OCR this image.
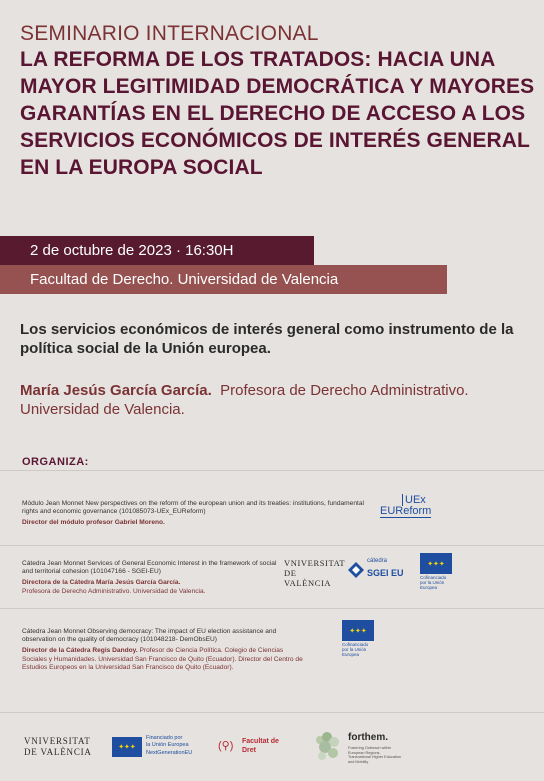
SEMINARIO INTERNACIONAL
LA REFORMA DE LOS TRATADOS: HACIA UNA MAYOR LEGITIMIDAD DEMOCRÁTICA Y MAYORES GARANTÍAS EN EL DERECHO DE ACCESO A LOS SERVICIOS ECONÓMICOS DE INTERÉS GENERAL EN LA EUROPA SOCIAL
2 de octubre de 2023 · 16:30H
Facultad de Derecho. Universidad de Valencia
Los servicios económicos de interés general como instrumento de la política social de la Unión europea.
María Jesús García García. Profesora de Derecho Administrativo. Universidad de Valencia.
ORGANIZA:
Módulo Jean Monnet New perspectives on the reform of the european union and its treaties: institutions, fundamental rights and economic governance (101085073-UEx_EUReform)
Director del módulo profesor Gabriel Moreno.
UEx
EUReform
Cátedra Jean Monnet Services of General Economic Interest in the framework of social and territorial cohesion (101047166 - SGEI-EU)
Directora de la Cátedra María Jesús García García.
Profesora de Derecho Administrativo. Universidad de Valencia.
VNIVERSITAT
DE VALÈNCIA
cátedra
SGEI EU
✦✦✦
Cofinanciado por la Unión Europea
Cátedra Jean Monnet Observing democracy: The impact of EU election assistance and observation on the quality of democracy (101048218- DemObsEU)
Director de la Cátedra Regis Dandoy. Profesor de Ciencia Política. Colegio de Ciencias Sociales y Humanidades. Universidad San Francisco de Quito (Ecuador). Director del Centro de Estudios Europeos en la Universidad San Francisco de Quito (Ecuador).
✦✦✦
Cofinanciado por la Unión Europea
VNIVERSITAT
DE VALÈNCIA	✦✦✦
Financiado por
la Unión Europea
NextGenerationEU
(⚲) Facultat de
Dret
forthem.
Fostering Outreach within European Regions, Transnational Higher Education and Mobility
